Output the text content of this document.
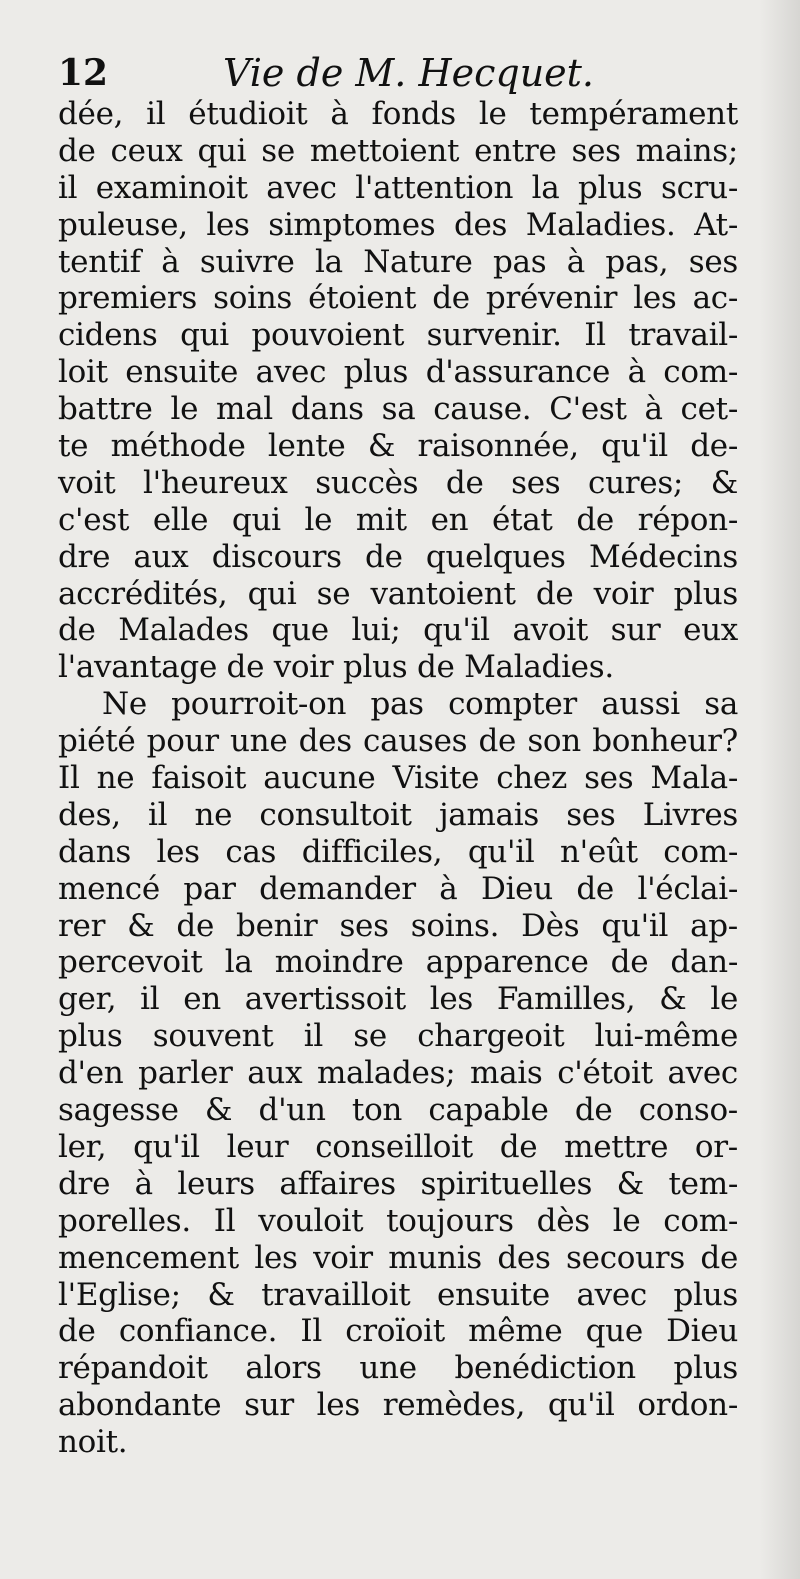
12	Vie de M. Hecquet.
dée, il étudioit à fonds le tempérament
de ceux qui se mettoient entre ses mains;
il examinoit avec l'attention la plus scru-
puleuse, les simptomes des Maladies. At-
tentif à suivre la Nature pas à pas, ses
premiers soins étoient de prévenir les ac-
cidens qui pouvoient survenir. Il travail-
loit ensuite avec plus d'assurance à com-
battre le mal dans sa cause. C'est à cet-
te méthode lente & raisonnée, qu'il de-
voit l'heureux succès de ses cures; &
c'est elle qui le mit en état de répon-
dre aux discours de quelques Médecins
accrédités, qui se vantoient de voir plus
de Malades que lui; qu'il avoit sur eux
l'avantage de voir plus de Maladies.
Ne pourroit-on pas compter aussi sa
piété pour une des causes de son bonheur?
Il ne faisoit aucune Visite chez ses Mala-
des, il ne consultoit jamais ses Livres
dans les cas difficiles, qu'il n'eût com-
mencé par demander à Dieu de l'éclai-
rer & de benir ses soins. Dès qu'il ap-
percevoit la moindre apparence de dan-
ger, il en avertissoit les Familles, & le
plus souvent il se chargeoit lui-même
d'en parler aux malades; mais c'étoit avec
sagesse & d'un ton capable de conso-
ler, qu'il leur conseilloit de mettre or-
dre à leurs affaires spirituelles & tem-
porelles. Il vouloit toujours dès le com-
mencement les voir munis des secours de
l'Eglise; & travailloit ensuite avec plus
de confiance. Il croïoit même que Dieu
répandoit alors une benédiction plus
abondante sur les remèdes, qu'il ordon-
noit.
